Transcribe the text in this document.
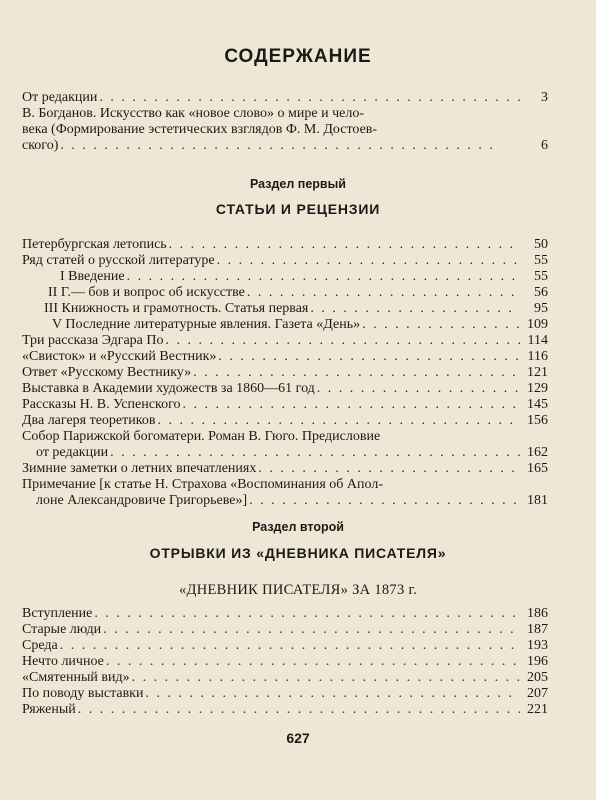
СОДЕРЖАНИЕ
От редакции . . .	3
В. Богданов. Искусство как «новое слово» о мире и чело-
века (Формирование эстетических взглядов Ф. М. Достоев-
ского) . . .	6
Раздел первый
СТАТЬИ И РЕЦЕНЗИИ
Петербургская летопись . . .	50
Ряд статей о русской литературе . . .	55
I Введение . . .	55
II Г.— бов и вопрос об искусстве . . .	56
III Книжность и грамотность. Статья первая . . .	95
V Последние литературные явления. Газета «День» . . .	109
Три рассказа Эдгара По . . .	114
«Свисток» и «Русский Вестник» . . .	116
Ответ «Русскому Вестнику» . . .	121
Выставка в Академии художеств за 1860—61 год . . .	129
Рассказы Н. В. Успенского . . .	145
Два лагеря теоретиков . . .	156
Собор Парижской богоматери. Роман В. Гюго. Предисловие
от редакции . . .	162
Зимние заметки о летних впечатлениях . . .	165
Примечание [к статье Н. Страхова «Воспоминания об Апол-
лоне Александровиче Григорьеве»] . . .	181
Раздел второй
ОТРЫВКИ ИЗ «ДНЕВНИКА ПИСАТЕЛЯ»
«ДНЕВНИК ПИСАТЕЛЯ» ЗА 1873 г.
Вступление . . .	186
Старые люди . . .	187
Среда . . .	193
Нечто личное . . .	196
«Смятенный вид» . . .	205
По поводу выставки . . .	207
Ряженый . . .	221
627
